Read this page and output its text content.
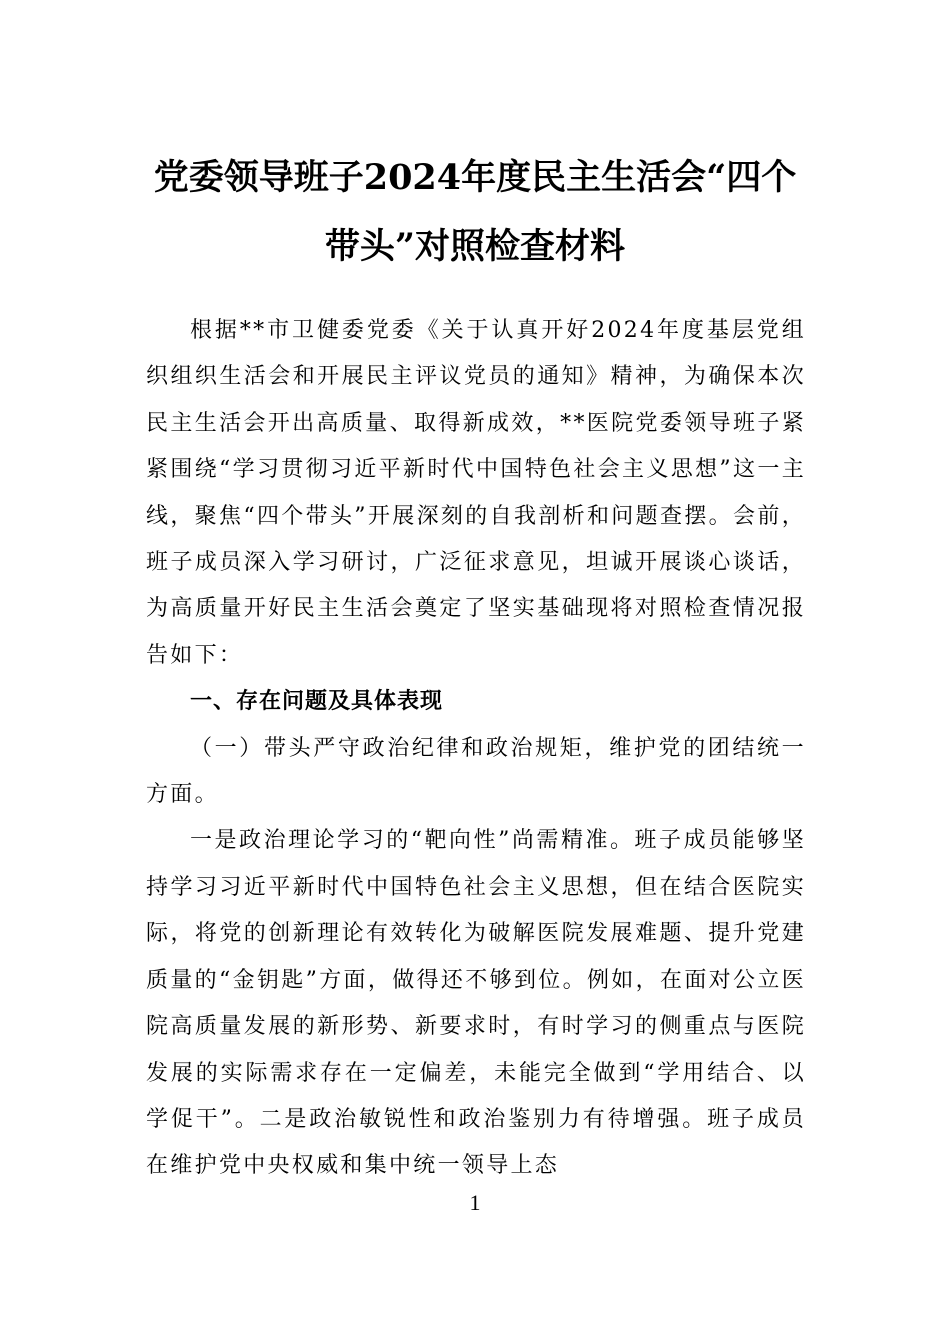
党委领导班子2024年度民主生活会“四个
带头”对照检查材料

根据**市卫健委党委《关于认真开好2024年度基层党组织组织生活会和开展民主评议党员的通知》精神，为确保本次民主生活会开出高质量、取得新成效，**医院党委领导班子紧紧围绕“学习贯彻习近平新时代中国特色社会主义思想”这一主线，聚焦“四个带头”开展深刻的自我剖析和问题查摆。会前，班子成员深入学习研讨，广泛征求意见，坦诚开展谈心谈话，为高质量开好民主生活会奠定了坚实基础现将对照检查情况报告如下：

一、存在问题及具体表现

（一）带头严守政治纪律和政治规矩，维护党的团结统一方面。

一是政治理论学习的“靶向性”尚需精准。班子成员能够坚持学习习近平新时代中国特色社会主义思想，但在结合医院实际，将党的创新理论有效转化为破解医院发展难题、提升党建质量的“金钥匙”方面，做得还不够到位。例如，在面对公立医院高质量发展的新形势、新要求时，有时学习的侧重点与医院发展的实际需求存在一定偏差，未能完全做到“学用结合、以学促干”。二是政治敏锐性和政治鉴别力有待增强。班子成员在维护党中央权威和集中统一领导上态

1
